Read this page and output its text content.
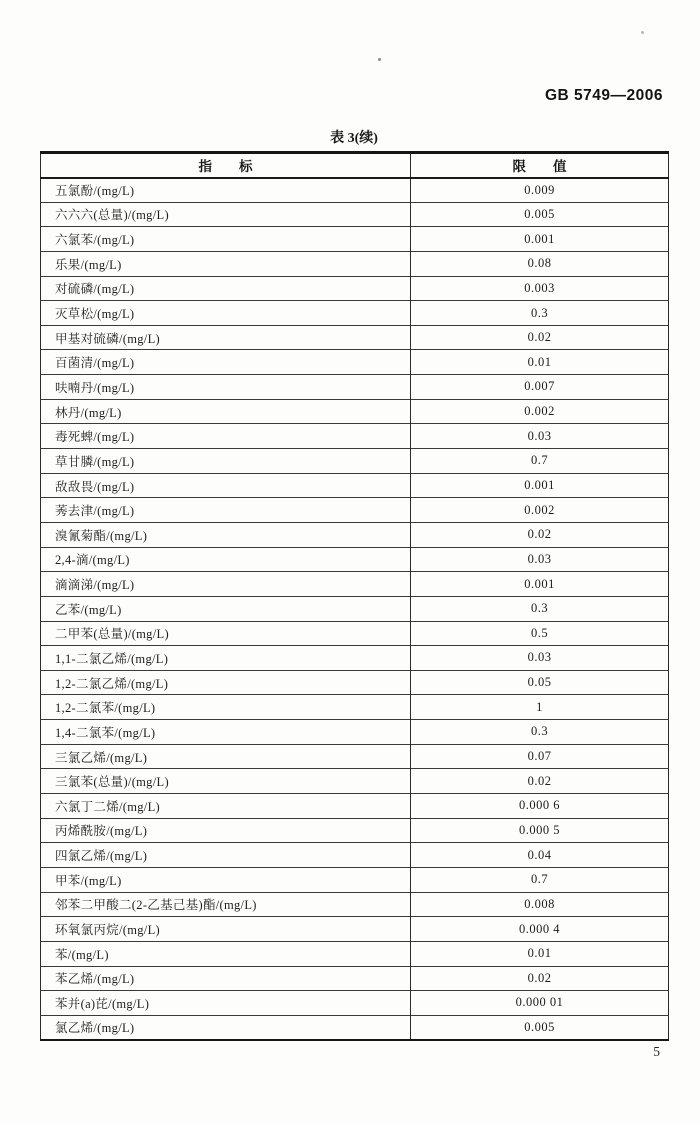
GB 5749—2006
表 3(续)
指　　标	限　　值
五氯酚/(mg/L)	0.009
六六六(总量)/(mg/L)	0.005
六氯苯/(mg/L)	0.001
乐果/(mg/L)	0.08
对硫磷/(mg/L)	0.003
灭草松/(mg/L)	0.3
甲基对硫磷/(mg/L)	0.02
百菌清/(mg/L)	0.01
呋喃丹/(mg/L)	0.007
林丹/(mg/L)	0.002
毒死蜱/(mg/L)	0.03
草甘膦/(mg/L)	0.7
敌敌畏/(mg/L)	0.001
莠去津/(mg/L)	0.002
溴氰菊酯/(mg/L)	0.02
2,4-滴/(mg/L)	0.03
滴滴涕/(mg/L)	0.001
乙苯/(mg/L)	0.3
二甲苯(总量)/(mg/L)	0.5
1,1-二氯乙烯/(mg/L)	0.03
1,2-二氯乙烯/(mg/L)	0.05
1,2-二氯苯/(mg/L)	1
1,4-二氯苯/(mg/L)	0.3
三氯乙烯/(mg/L)	0.07
三氯苯(总量)/(mg/L)	0.02
六氯丁二烯/(mg/L)	0.000 6
丙烯酰胺/(mg/L)	0.000 5
四氯乙烯/(mg/L)	0.04
甲苯/(mg/L)	0.7
邻苯二甲酸二(2-乙基己基)酯/(mg/L)	0.008
环氧氯丙烷/(mg/L)	0.000 4
苯/(mg/L)	0.01
苯乙烯/(mg/L)	0.02
苯并(a)芘/(mg/L)	0.000 01
氯乙烯/(mg/L)	0.005
5
